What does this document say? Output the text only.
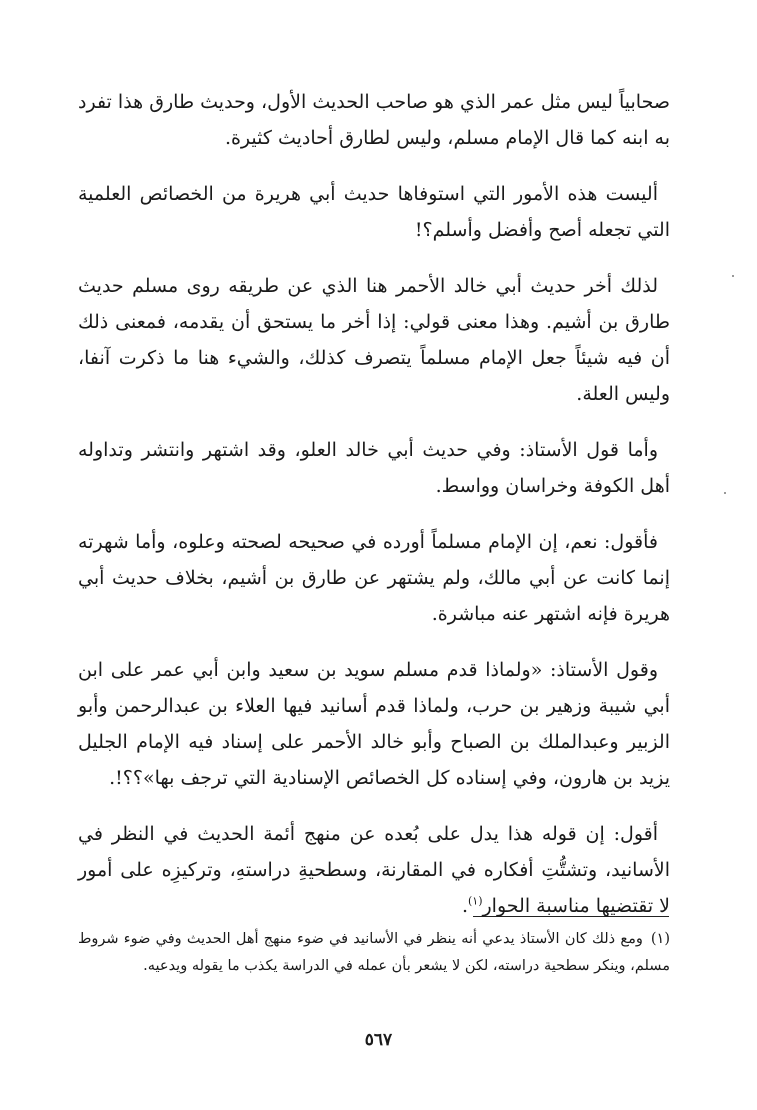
صحابياً ليس مثل عمر الذي هو صاحب الحديث الأول، وحديث طارق هذا تفرد به ابنه كما قال الإمام مسلم، وليس لطارق أحاديث كثيرة.

أليست هذه الأمور التي استوفاها حديث أبي هريرة من الخصائص العلمية التي تجعله أصح وأفضل وأسلم؟!

لذلك أخر حديث أبي خالد الأحمر هنا الذي عن طريقه روى مسلم حديث طارق بن أشيم. وهذا معنى قولي: إذا أخر ما يستحق أن يقدمه، فمعنى ذلك أن فيه شيئاً جعل الإمام مسلماً يتصرف كذلك، والشيء هنا ما ذكرت آنفا، وليس العلة.

وأما قول الأستاذ: وفي حديث أبي خالد العلو، وقد اشتهر وانتشر وتداوله أهل الكوفة وخراسان وواسط.

فأقول: نعم، إن الإمام مسلماً أورده في صحيحه لصحته وعلوه، وأما شهرته إنما كانت عن أبي مالك، ولم يشتهر عن طارق بن أشيم، بخلاف حديث أبي هريرة فإنه اشتهر عنه مباشرة.

وقول الأستاذ: «ولماذا قدم مسلم سويد بن سعيد وابن أبي عمر على ابن أبي شيبة وزهير بن حرب، ولماذا قدم أسانيد فيها العلاء بن عبدالرحمن وأبو الزبير وعبدالملك بن الصباح وأبو خالد الأحمر على إسناد فيه الإمام الجليل يزيد بن هارون، وفي إسناده كل الخصائص الإسنادية التي ترجف بها»؟؟!.

أقول: إن قوله هذا يدل على بُعده عن منهج أئمة الحديث في النظر في الأسانيد، وتشتُّتِ أفكاره في المقارنة، وسطحيةِ دراستهِ، وتركيزِه على أمور لا تقتضيها مناسبة الحوار$^{(١)}$.

(١)ومع ذلك كان الأستاذ يدعي أنه ينظر في الأسانيد في ضوء منهج أهل الحديث وفي ضوء شروط مسلم، وينكر سطحية دراسته، لكن لا يشعر بأن عمله في الدراسة يكذب ما يقوله ويدعيه.
٥٦٧
